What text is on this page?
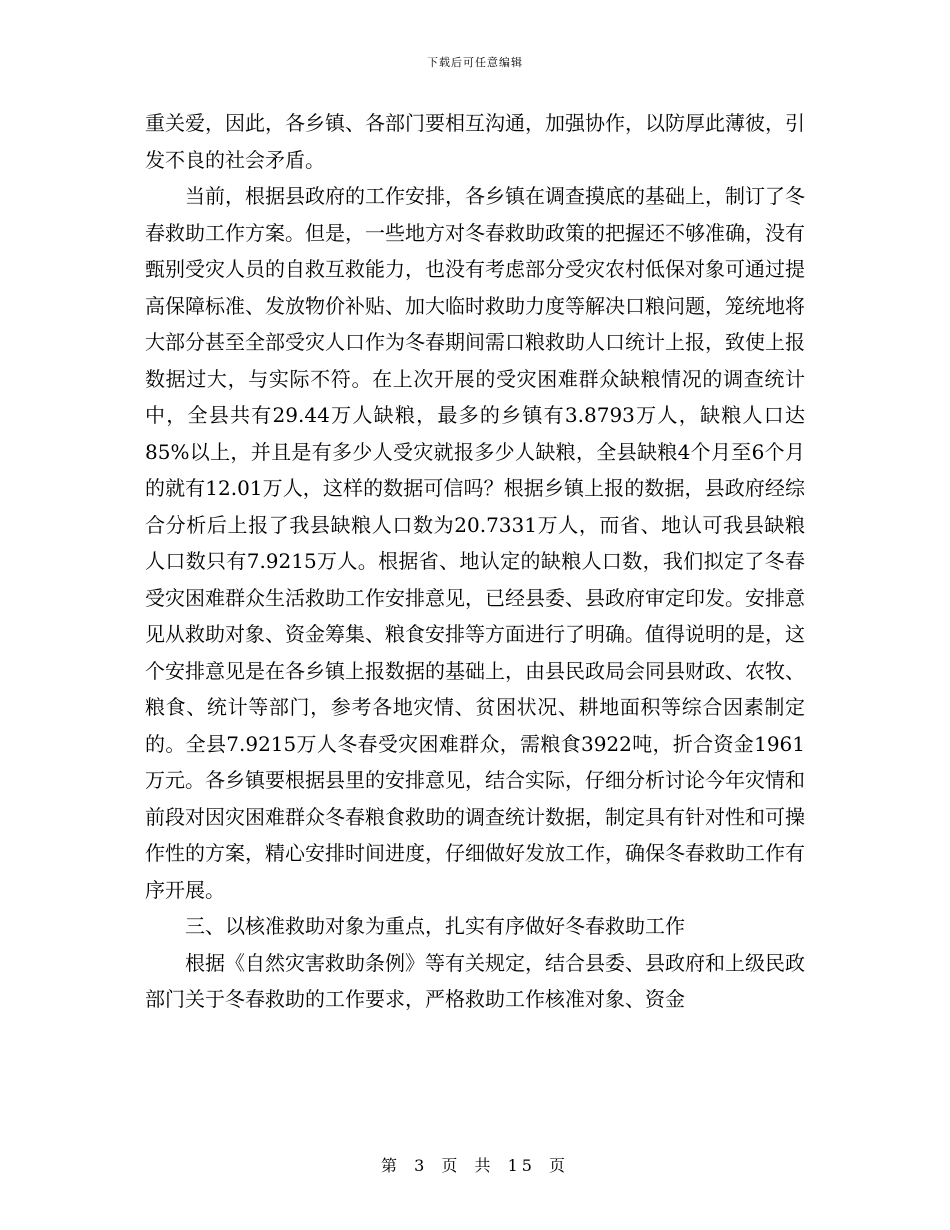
下载后可任意编辑

重关爱，因此，各乡镇、各部门要相互沟通，加强协作，以防厚此薄彼，引发不良的社会矛盾。

当前，根据县政府的工作安排，各乡镇在调查摸底的基础上，制订了冬春救助工作方案。但是，一些地方对冬春救助政策的把握还不够准确，没有甄别受灾人员的自救互救能力，也没有考虑部分受灾农村低保对象可通过提高保障标准、发放物价补贴、加大临时救助力度等解决口粮问题，笼统地将大部分甚至全部受灾人口作为冬春期间需口粮救助人口统计上报，致使上报数据过大，与实际不符。在上次开展的受灾困难群众缺粮情况的调查统计中，全县共有29.44万人缺粮，最多的乡镇有3.8793万人，缺粮人口达85%以上，并且是有多少人受灾就报多少人缺粮，全县缺粮4个月至6个月的就有12.01万人，这样的数据可信吗？根据乡镇上报的数据，县政府经综合分析后上报了我县缺粮人口数为20.7331万人，而省、地认可我县缺粮人口数只有7.9215万人。根据省、地认定的缺粮人口数，我们拟定了冬春受灾困难群众生活救助工作安排意见，已经县委、县政府审定印发。安排意见从救助对象、资金筹集、粮食安排等方面进行了明确。值得说明的是，这个安排意见是在各乡镇上报数据的基础上，由县民政局会同县财政、农牧、粮食、统计等部门，参考各地灾情、贫困状况、耕地面积等综合因素制定的。全县7.9215万人冬春受灾困难群众，需粮食3922吨，折合资金1961万元。各乡镇要根据县里的安排意见，结合实际，仔细分析讨论今年灾情和前段对因灾困难群众冬春粮食救助的调查统计数据，制定具有针对性和可操作性的方案，精心安排时间进度，仔细做好发放工作，确保冬春救助工作有序开展。

三、以核准救助对象为重点，扎实有序做好冬春救助工作

根据《自然灾害救助条例》等有关规定，结合县委、县政府和上级民政部门关于冬春救助的工作要求，严格救助工作核准对象、资金

第 3 页 共 15 页
